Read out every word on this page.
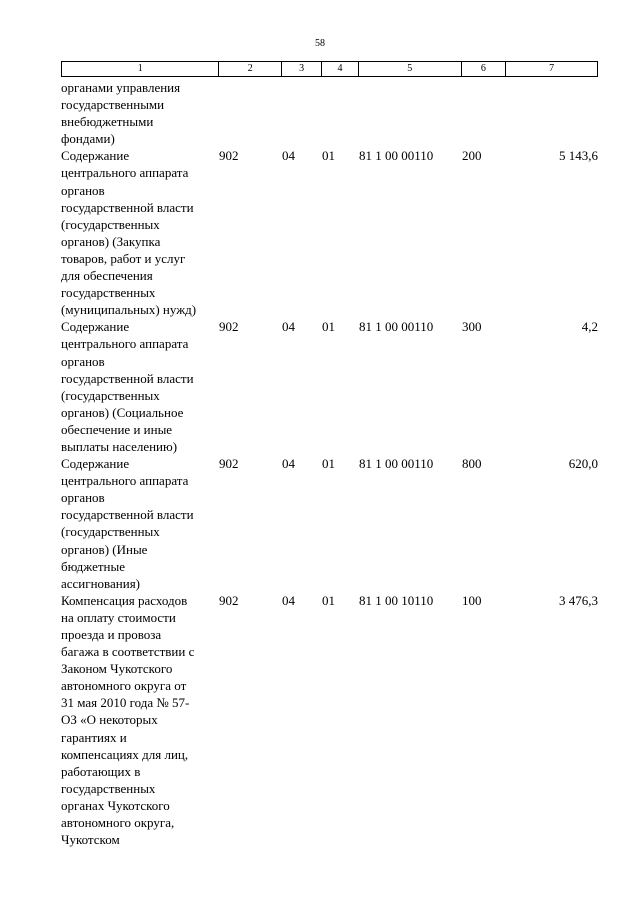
58
1	2	3	4	5	6	7
органами управления
государственными
внебюджетными
фондами)
Содержание
центрального аппарата
органов
государственной власти
(государственных
органов) (Закупка
товаров, работ и услуг
для обеспечения
государственных
(муниципальных) нужд)
902	04	01	81 1 00 00110	200	5 143,6
Содержание
центрального аппарата
органов
государственной власти
(государственных
органов) (Социальное
обеспечение и иные
выплаты населению)
902	04	01	81 1 00 00110	300	4,2
Содержание
центрального аппарата
органов
государственной власти
(государственных
органов) (Иные
бюджетные
ассигнования)
902	04	01	81 1 00 00110	800	620,0
Компенсация расходов
на оплату стоимости
проезда и провоза
багажа в соответствии с
Законом Чукотского
автономного округа от
31 мая 2010 года № 57-
ОЗ «О некоторых
гарантиях и
компенсациях для лиц,
работающих в
государственных
органах Чукотского
автономного округа,
Чукотском
902	04	01	81 1 00 10110	100	3 476,3
